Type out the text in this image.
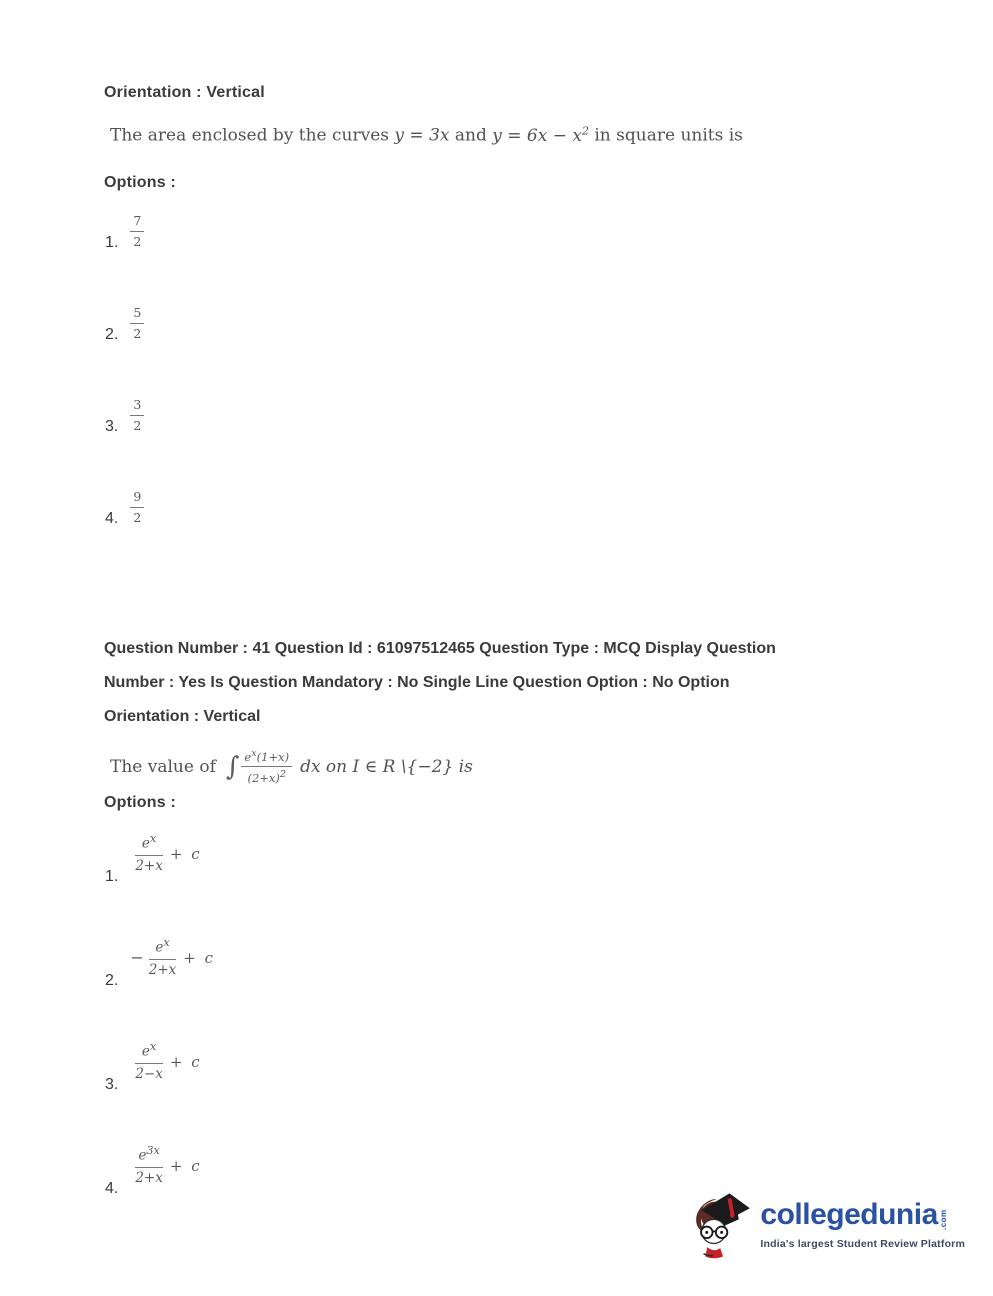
Orientation : Vertical
The area enclosed by the curves y = 3x and $y = 6x - x^2$ in square units is
Options :
1. $\frac{7}{2}$
2. $\frac{5}{2}$
3. $\frac{3}{2}$
4. $\frac{9}{2}$
Question Number : 41 Question Id : 61097512465 Question Type : MCQ Display Question
Number : Yes Is Question Mandatory : No Single Line Question Option : No Option
Orientation : Vertical
The value of ∫ $\frac{e^x(1+x)}{(2+x)^2}$ dx on I ∈ R \{−2} is
Options :
1.
$\frac{e^x}{2+x} + c$
2.
− $\frac{e^x}{2+x} + c$
3.
$\frac{e^x}{2-x} + c$
4.
$\frac{e^{3x}}{2+x} + c$
collegedunia .com
India's largest Student Review Platform
